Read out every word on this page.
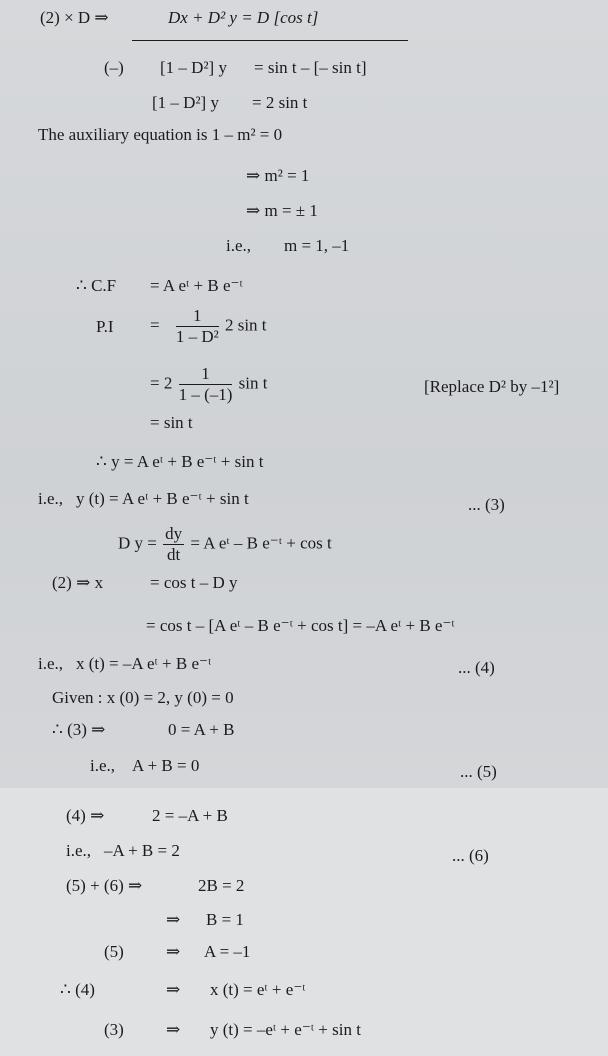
(2) × D ⇒	Dx + D² y = D [cos t]
(–) [1 – D²] y = sin t – [– sin t]
[1 – D²] y = 2 sin t
The auxiliary equation is 1 – m² = 0
⇒ m² = 1
⇒ m = ± 1
i.e., m = 1, –1
∴ C.F = A eᵗ + B e⁻ᵗ
$P.I = \frac{1}{\text{1 – D²}} 2$ sin t
= $2 \frac{1}{1 - (-1)}$ sin t	[Replace D² by –1²]
= sin t
∴ y = A eᵗ + B e⁻ᵗ + sin t
i.e., y (t) = A eᵗ + B e⁻ᵗ + sin t	... (3)
D $y = \frac{dy}{dt} = A$ eᵗ – B e⁻ᵗ + cos t
(2) ⇒ x	= cos t – D y
= cos t – [A eᵗ – B e⁻ᵗ + cos t] = –A eᵗ + B e⁻ᵗ
i.e., x (t) = –A eᵗ + B e⁻ᵗ	... (4)
Given : x (0) = 2, y (0) = 0
∴ (3) ⇒	0 = A + B
i.e., A + B = 0	... (5)
(4) ⇒	2 = –A + B
i.e., –A + B = 2	... (6)
(5) + (6) ⇒	2B = 2
⇒ B = 1
(5) ⇒ A = –1
∴ (4)	⇒ x (t) = eᵗ + e⁻ᵗ
(3) ⇒ y (t) = –eᵗ + e⁻ᵗ + sin t
